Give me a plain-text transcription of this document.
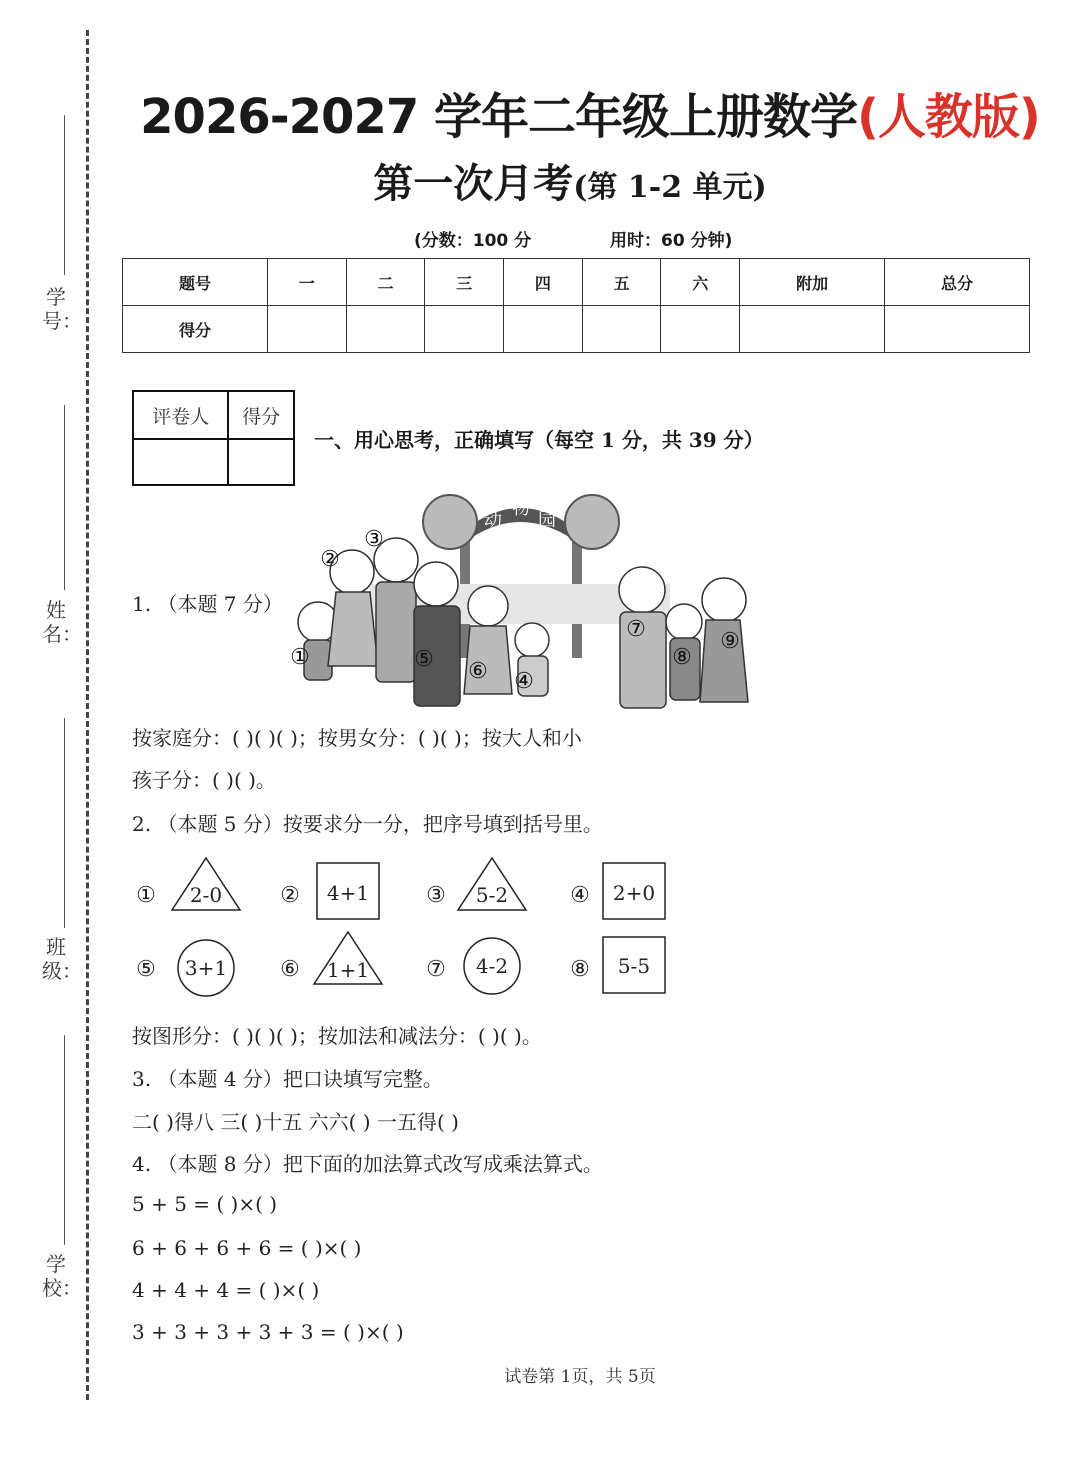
学号：
姓名：
班级：
学校：
2026-2027 学年二年级上册数学(人教版)
第一次月考(第 1-2 单元)
(分数：100 分	用时：60 分钟)
题号	一	二	三	四	五	六	附加	总分
得分								
评卷人	得分

一、用心思考，正确填写（每空 1 分，共 39 分）
1. （本题 7 分）
动
物
园
①
②
③
④
⑤ ⑥
⑦
⑧
⑨
按家庭分：( )( )( )；按男女分：( )( )；按大人和小
孩子分：( )( )。
2. （本题 5 分）按要求分一分，把序号填到括号里。
① 2-0	② 4+1	③ 5-2	④ 2+0
⑤ 3+1 ⑥ 1+1	⑦ 4-2	⑧ 5-5
按图形分：( )( )( )；按加法和减法分：( )( )。
3. （本题 4 分）把口诀填写完整。
二( )得八 三( )十五 六六( ) 一五得( )
4. （本题 8 分）把下面的加法算式改写成乘法算式。
5 + 5 = ( )×( )
6 + 6 + 6 + 6 = ( )×( )
4 + 4 + 4 = ( )×( )
3 + 3 + 3 + 3 + 3 = ( )×( )
试卷第 1页，共 5页
